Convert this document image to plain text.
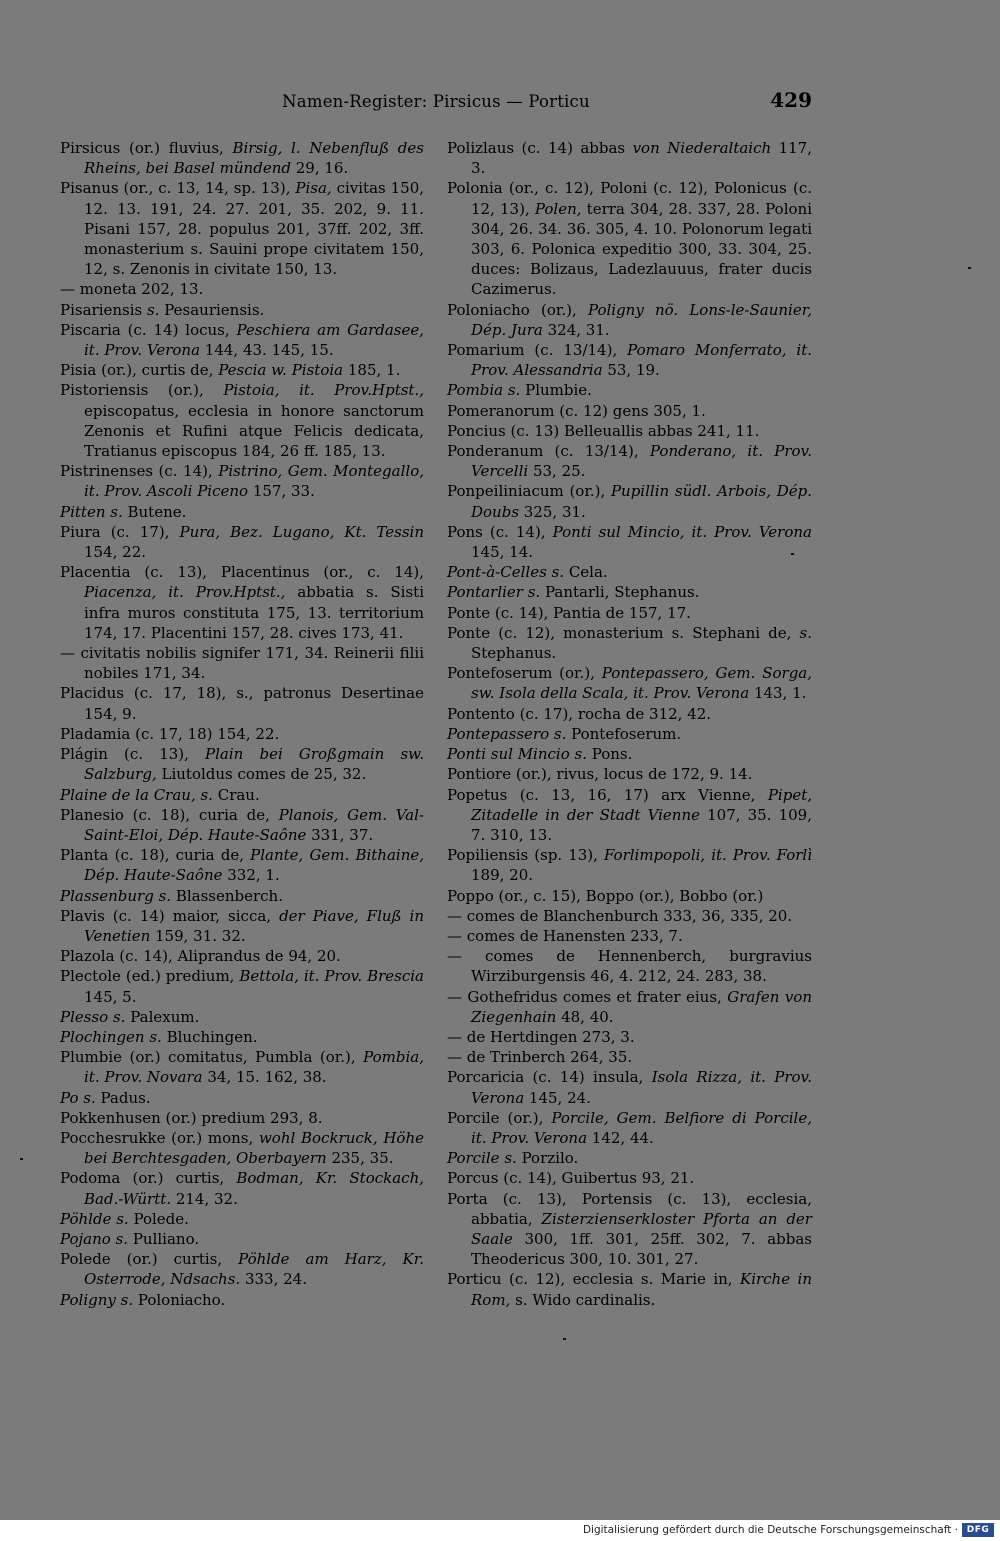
Namen-Register: Pirsicus — Porticu	429
Pirsicus (or.) fluvius, Birsig, l. Nebenfluß des Rheins, bei Basel mündend 29, 16.
Pisanus (or., c. 13, 14, sp. 13), Pisa, civitas 150, 12. 13. 191, 24. 27. 201, 35. 202, 9. 11. Pisani 157, 28. populus 201, 37ff. 202, 3ff. monasterium s. Sauini prope civitatem 150, 12, s. Zenonis in civitate 150, 13.
— moneta 202, 13.
Pisariensis s. Pesauriensis.
Piscaria (c. 14) locus, Peschiera am Gardasee, it. Prov. Verona 144, 43. 145, 15.
Pisia (or.), curtis de, Pescia w. Pistoia 185, 1.
Pistoriensis (or.), Pistoia, it. Prov.Hptst., episcopatus, ecclesia in honore sanctorum Zenonis et Rufini atque Felicis dedicata, Tratianus episcopus 184, 26 ff. 185, 13.
Pistrinenses (c. 14), Pistrino, Gem. Montegallo, it. Prov. Ascoli Piceno 157, 33.
Pitten s. Butene.
Piura (c. 17), Pura, Bez. Lugano, Kt. Tessin 154, 22.
Placentia (c. 13), Placentinus (or., c. 14), Piacenza, it. Prov.Hptst., abbatia s. Sisti infra muros constituta 175, 13. territorium 174, 17. Placentini 157, 28. cives 173, 41.
— civitatis nobilis signifer 171, 34. Reinerii filii nobiles 171, 34.
Placidus (c. 17, 18), s., patronus Desertinae 154, 9.
Pladamia (c. 17, 18) 154, 22.
Plágin (c. 13), Plain bei Großgmain sw. Salzburg, Liutoldus comes de 25, 32.
Plaine de la Crau, s. Crau.
Planesio (c. 18), curia de, Planois, Gem. Val-Saint-Eloi, Dép. Haute-Saône 331, 37.
Planta (c. 18), curia de, Plante, Gem. Bithaine, Dép. Haute-Saône 332, 1.
Plassenburg s. Blassenberch.
Plavis (c. 14) maior, sicca, der Piave, Fluß in Venetien 159, 31. 32.
Plazola (c. 14), Aliprandus de 94, 20.
Plectole (ed.) predium, Bettola, it. Prov. Brescia 145, 5.
Plesso s. Palexum.
Plochingen s. Bluchingen.
Plumbie (or.) comitatus, Pumbla (or.), Pombia, it. Prov. Novara 34, 15. 162, 38.
Po s. Padus.
Pokkenhusen (or.) predium 293, 8.
Pocchesrukke (or.) mons, wohl Bockruck, Höhe bei Berchtesgaden, Oberbayern 235, 35.
Podoma (or.) curtis, Bodman, Kr. Stockach, Bad.-Württ. 214, 32.
Pöhlde s. Polede.
Pojano s. Pulliano.
Polede (or.) curtis, Pöhlde am Harz, Kr. Osterrode, Ndsachs. 333, 24.
Poligny s. Poloniacho.
Polizlaus (c. 14) abbas von Niederaltaich 117, 3.
Polonia (or., c. 12), Poloni (c. 12), Polonicus (c. 12, 13), Polen, terra 304, 28. 337, 28. Poloni 304, 26. 34. 36. 305, 4. 10. Polonorum legati 303, 6. Polonica expeditio 300, 33. 304, 25. duces: Bolizaus, Ladezlauuus, frater ducis Cazimerus.
Poloniacho (or.), Poligny nö. Lons-le-Saunier, Dép. Jura 324, 31.
Pomarium (c. 13/14), Pomaro Monferrato, it. Prov. Alessandria 53, 19.
Pombia s. Plumbie.
Pomeranorum (c. 12) gens 305, 1.
Poncius (c. 13) Belleuallis abbas 241, 11.
Ponderanum (c. 13/14), Ponderano, it. Prov. Vercelli 53, 25.
Ponpeiliniacum (or.), Pupillin südl. Arbois, Dép. Doubs 325, 31.
Pons (c. 14), Ponti sul Mincio, it. Prov. Verona 145, 14.
Pont-à-Celles s. Cela.
Pontarlier s. Pantarli, Stephanus.
Ponte (c. 14), Pantia de 157, 17.
Ponte (c. 12), monasterium s. Stephani de, s. Stephanus.
Pontefoserum (or.), Pontepassero, Gem. Sorga, sw. Isola della Scala, it. Prov. Verona 143, 1.
Pontento (c. 17), rocha de 312, 42.
Pontepassero s. Pontefoserum.
Ponti sul Mincio s. Pons.
Pontiore (or.), rivus, locus de 172, 9. 14.
Popetus (c. 13, 16, 17) arx Vienne, Pipet, Zitadelle in der Stadt Vienne 107, 35. 109, 7. 310, 13.
Popiliensis (sp. 13), Forlimpopoli, it. Prov. Forlì 189, 20.
Poppo (or., c. 15), Boppo (or.), Bobbo (or.)
— comes de Blanchenburch 333, 36, 335, 20.
— comes de Hanensten 233, 7.
— comes de Hennenberch, burgravius Wirziburgensis 46, 4. 212, 24. 283, 38.
— Gothefridus comes et frater eius, Grafen von Ziegenhain 48, 40.
— de Hertdingen 273, 3.
— de Trinberch 264, 35.
Porcaricia (c. 14) insula, Isola Rizza, it. Prov. Verona 145, 24.
Porcile (or.), Porcile, Gem. Belfiore di Porcile, it. Prov. Verona 142, 44.
Porcile s. Porzilo.
Porcus (c. 14), Guibertus 93, 21.
Porta (c. 13), Portensis (c. 13), ecclesia, abbatia, Zisterzienserkloster Pforta an der Saale 300, 1ff. 301, 25ff. 302, 7. abbas Theodericus 300, 10. 301, 27.
Porticu (c. 12), ecclesia s. Marie in, Kirche in Rom, s. Wido cardinalis.
Digitalisierung gefördert durch die Deutsche Forschungsgemeinschaft · DFG
